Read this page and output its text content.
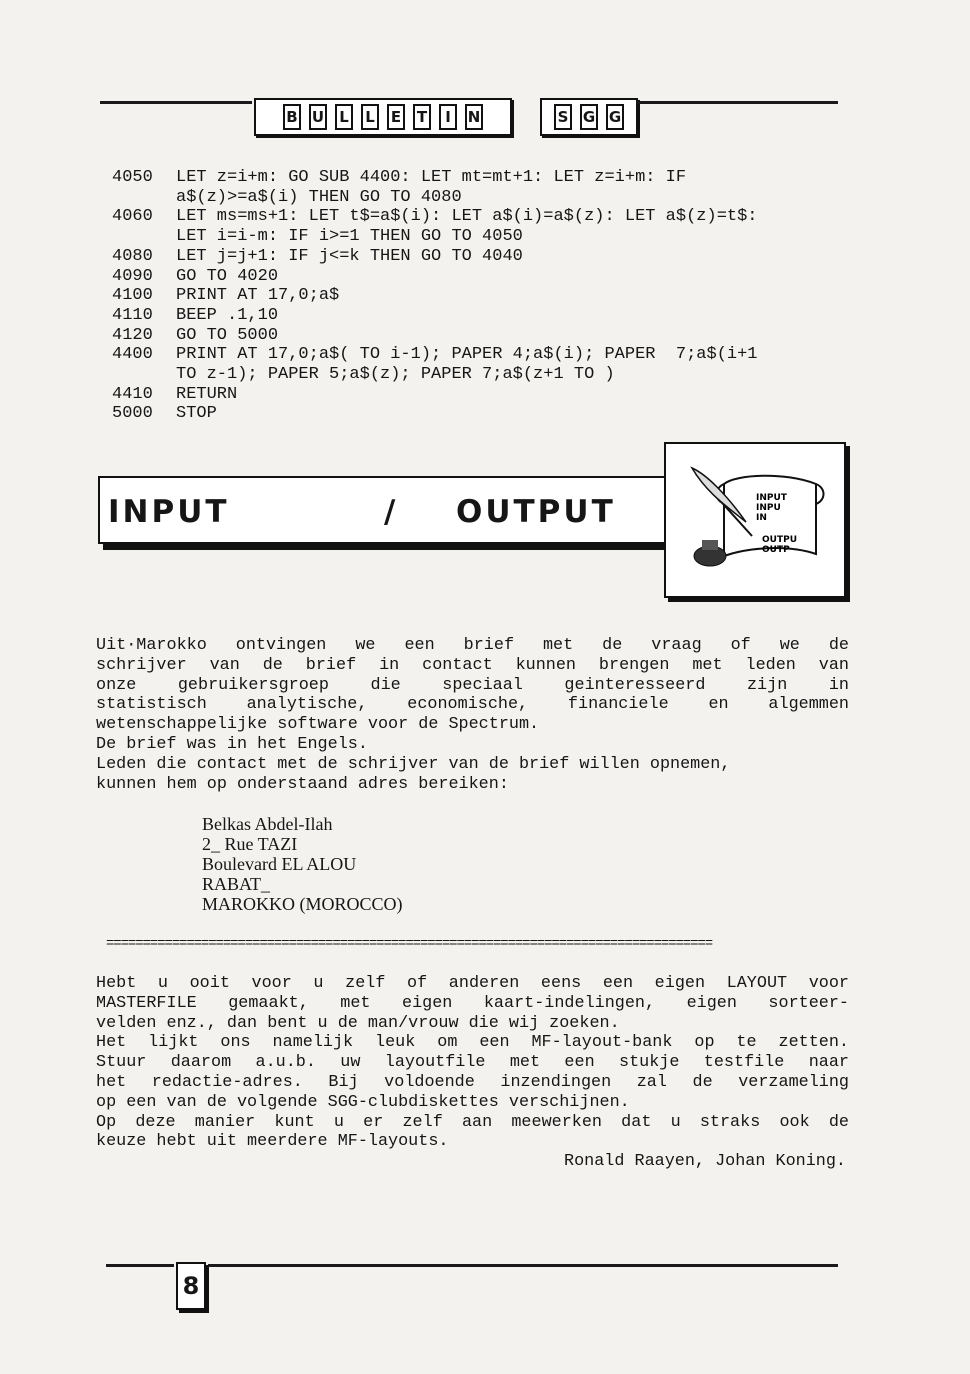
B U L L E T	I	N	S G G
4050	LET z=i+m: GO SUB 4400: LET mt=mt+1: LET z=i+m: IF
a$(z)>=a$(i) THEN GO TO 4080
4060	LET ms=ms+1: LET t$=a$(i): LET a$(i)=a$(z): LET a$(z)=t$:
LET i=i-m: IF i>=1 THEN GO TO 4050
4080	LET j=j+1: IF j<=k THEN GO TO 4040
4090	GO TO 4020
4100	PRINT AT 17,0;a$
4110	BEEP .1,10
4120	GO TO 5000
4400	PRINT AT 17,0;a$( TO i-1); PAPER 4;a$(i); PAPER  7;a$(i+1
TO z-1); PAPER 5;a$(z); PAPER 7;a$(z+1 TO )
4410	RETURN
5000	STOP
INPUT	/ OUTPUT	INPUT
INPU
IN
OUTPU
OUTP
Uit·Marokko ontvingen we een brief met de vraag of we de
schrijver van de brief in contact kunnen brengen met leden van
onze gebruikersgroep die speciaal geinteresseerd zijn in
statistisch analytische, economische, financiele en algemmen
wetenschappelijke software voor de Spectrum.
De brief was in het Engels.
Leden die contact met de schrijver van de brief willen opnemen,
kunnen hem op onderstaand adres bereiken:
Belkas Abdel-Ilah
2_ Rue TAZI
Boulevard EL ALOU
RABAT_
MAROKKO (MOROCCO)
===================================================================================
Hebt u ooit voor u zelf of anderen eens een eigen LAYOUT voor
MASTERFILE gemaakt, met eigen kaart-indelingen, eigen sorteer-
velden enz., dan bent u de man/vrouw die wij zoeken.
Het lijkt ons namelijk leuk om een MF-layout-bank op te zetten.
Stuur daarom a.u.b. uw layoutfile met een stukje testfile naar
het redactie-adres. Bij voldoende inzendingen zal de verzameling
op een van de volgende SGG-clubdiskettes verschijnen.
Op deze manier kunt u er zelf aan meewerken dat u straks ook de
keuze hebt uit meerdere MF-layouts.
Ronald Raayen, Johan Koning.
8
